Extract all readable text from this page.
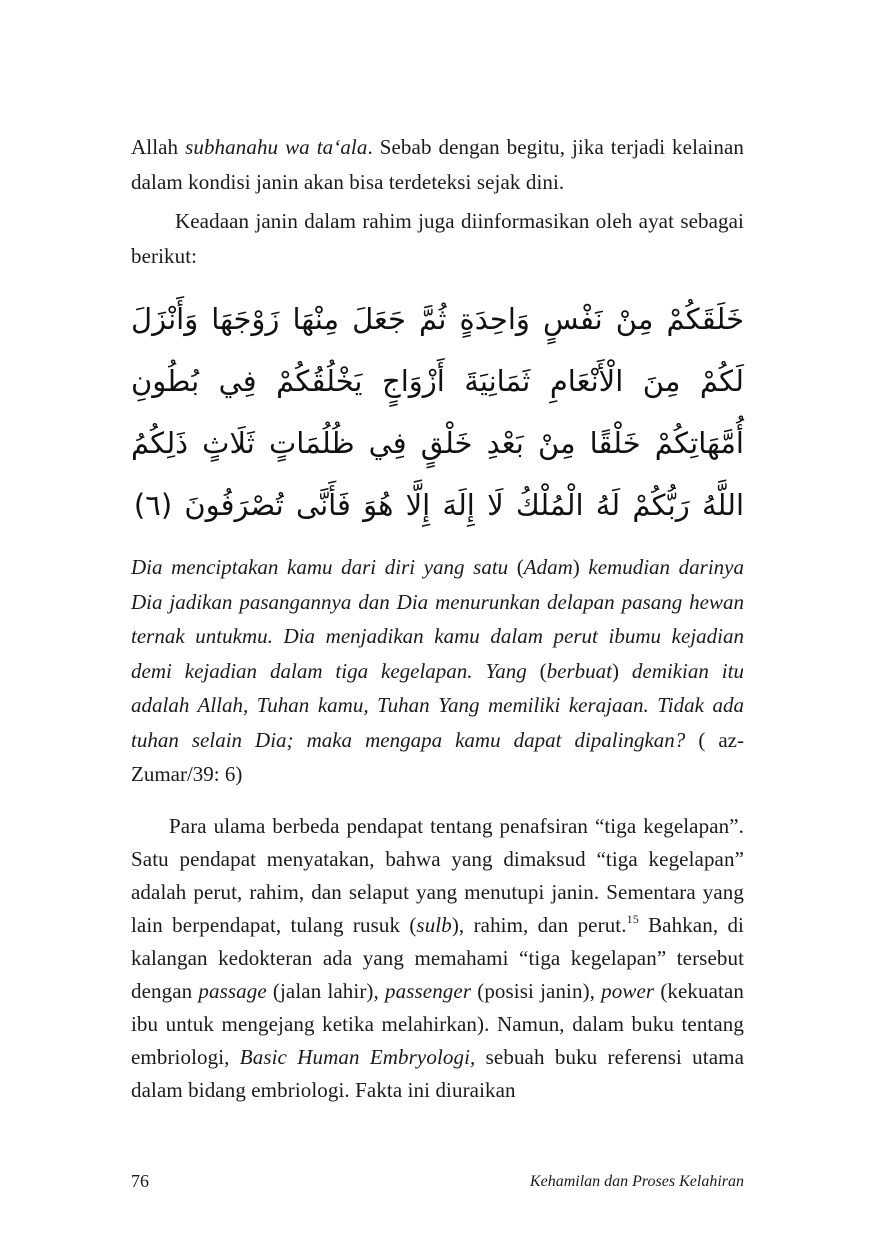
Allah subhanahu wa ta‘ala. Sebab dengan begitu, jika terjadi kelainan dalam kondisi janin akan bisa terdeteksi sejak dini.

Keadaan janin dalam rahim juga diinformasikan oleh ayat sebagai berikut:

خَلَقَكُمْ مِنْ نَفْسٍ وَاحِدَةٍ ثُمَّ جَعَلَ مِنْهَا زَوْجَهَا وَأَنْزَلَ لَكُمْ مِنَ الْأَنْعَامِ ثَمَانِيَةَ أَزْوَاجٍ يَخْلُقُكُمْ فِي بُطُونِ أُمَّهَاتِكُمْ خَلْقًا مِنْ بَعْدِ خَلْقٍ فِي ظُلُمَاتٍ ثَلَاثٍ ذَلِكُمُ اللَّهُ رَبُّكُمْ لَهُ الْمُلْكُ لَا إِلَهَ إِلَّا هُوَ فَأَنَّى تُصْرَفُونَ (٦)

Dia menciptakan kamu dari diri yang satu (Adam) kemudian darinya Dia jadikan pasangannya dan Dia menurunkan delapan pasang hewan ternak untukmu. Dia menjadikan kamu dalam perut ibumu kejadian demi kejadian dalam tiga kegelapan. Yang (berbuat) demikian itu adalah Allah, Tuhan kamu, Tuhan Yang memiliki kerajaan. Tidak ada tuhan selain Dia; maka mengapa kamu dapat dipalingkan? ( az-Zumar/39: 6)

Para ulama berbeda pendapat tentang penafsiran “tiga kegelapan”. Satu pendapat menyatakan, bahwa yang dimaksud “tiga kegelapan” adalah perut, rahim, dan selaput yang menutupi janin. Sementara yang lain berpendapat, tulang rusuk (sulb), rahim, dan perut.$^{15}$ Bahkan, di kalangan kedokteran ada yang memahami “tiga kegelapan” tersebut dengan passage (jalan lahir), passenger (posisi janin), power (kekuatan ibu untuk mengejang ketika melahirkan). Namun, dalam buku tentang embriologi, Basic Human Embryologi, sebuah buku referensi utama dalam bidang embriologi. Fakta ini diuraikan

76	Kehamilan dan Proses Kelahiran
